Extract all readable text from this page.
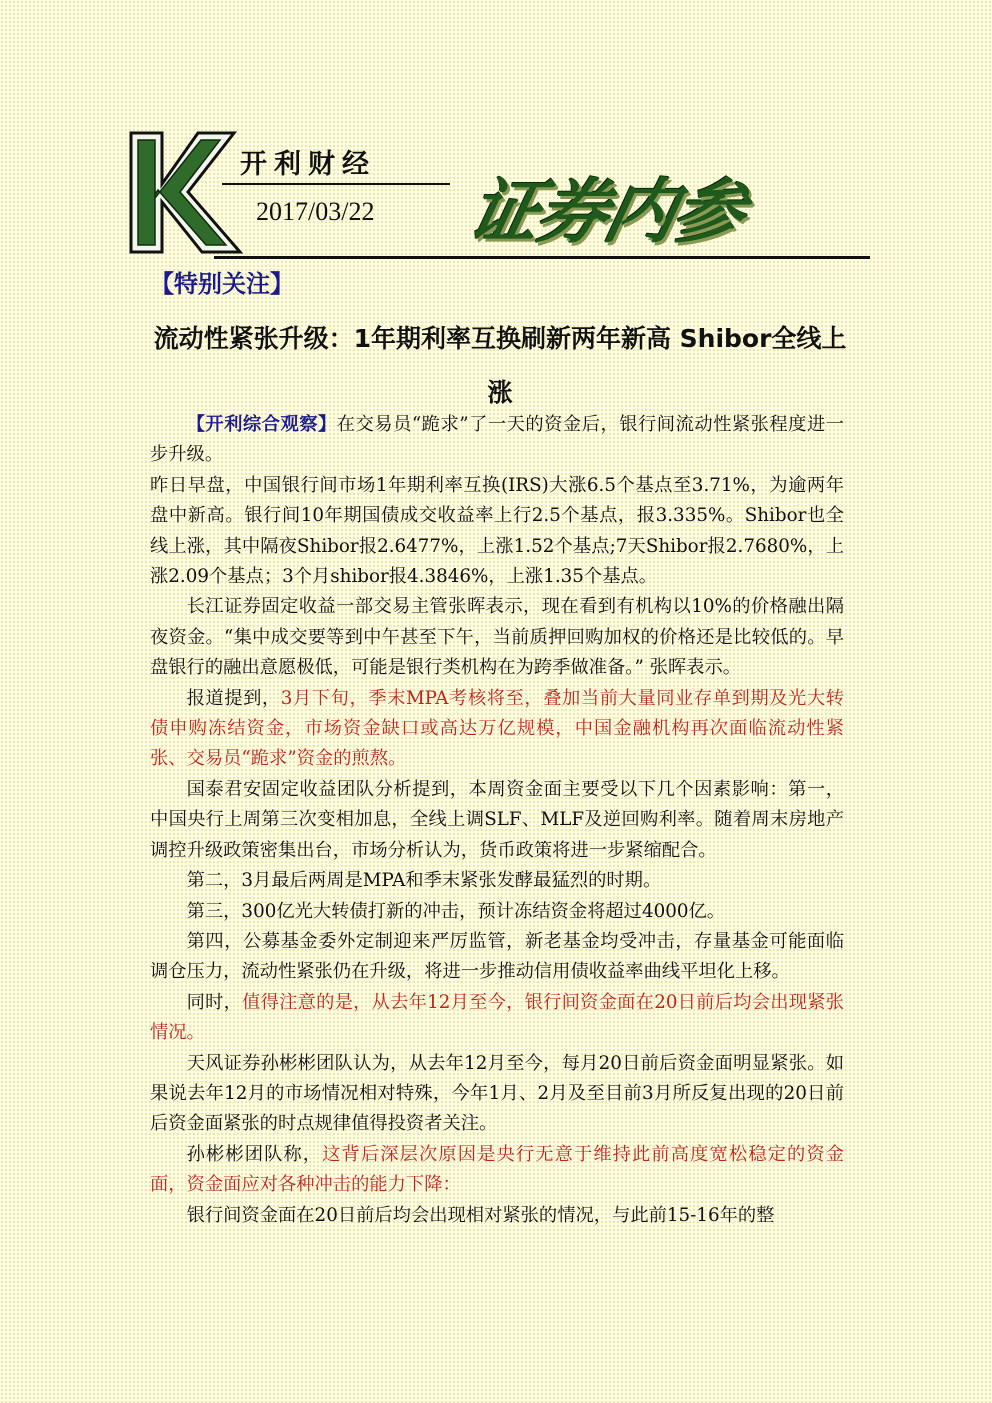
开利财经
2017/03/22 证券内参
【特别关注】
流动性紧张升级：1年期利率互换刷新两年新高 Shibor全线上涨

【开利综合观察】在交易员“跪求”了一天的资金后，银行间流动性紧张程度进一步升级。

昨日早盘，中国银行间市场1年期利率互换(IRS)大涨6.5个基点至3.71%，为逾两年盘中新高。银行间10年期国债成交收益率上行2.5个基点，报3.335%。Shibor也全线上涨，其中隔夜Shibor报2.6477%，上涨1.52个基点;7天Shibor报2.7680%，上涨2.09个基点；3个月shibor报4.3846%，上涨1.35个基点。

长江证券固定收益一部交易主管张晖表示，现在看到有机构以10%的价格融出隔夜资金。“集中成交要等到中午甚至下午，当前质押回购加权的价格还是比较低的。早盘银行的融出意愿极低，可能是银行类机构在为跨季做准备。” 张晖表示。

报道提到，3月下旬，季末MPA考核将至，叠加当前大量同业存单到期及光大转债申购冻结资金，市场资金缺口或高达万亿规模，中国金融机构再次面临流动性紧张、交易员“跪求”资金的煎熬。

国泰君安固定收益团队分析提到，本周资金面主要受以下几个因素影响：第一，中国央行上周第三次变相加息，全线上调SLF、MLF及逆回购利率。随着周末房地产调控升级政策密集出台，市场分析认为，货币政策将进一步紧缩配合。

第二，3月最后两周是MPA和季末紧张发酵最猛烈的时期。

第三，300亿光大转债打新的冲击，预计冻结资金将超过4000亿。

第四，公募基金委外定制迎来严厉监管，新老基金均受冲击，存量基金可能面临调仓压力，流动性紧张仍在升级，将进一步推动信用债收益率曲线平坦化上移。

同时，值得注意的是，从去年12月至今，银行间资金面在20日前后均会出现紧张情况。

天风证券孙彬彬团队认为，从去年12月至今，每月20日前后资金面明显紧张。如果说去年12月的市场情况相对特殊，今年1月、2月及至目前3月所反复出现的20日前后资金面紧张的时点规律值得投资者关注。

孙彬彬团队称，这背后深层次原因是央行无意于维持此前高度宽松稳定的资金面，资金面应对各种冲击的能力下降：

银行间资金面在20日前后均会出现相对紧张的情况，与此前15-16年的整
